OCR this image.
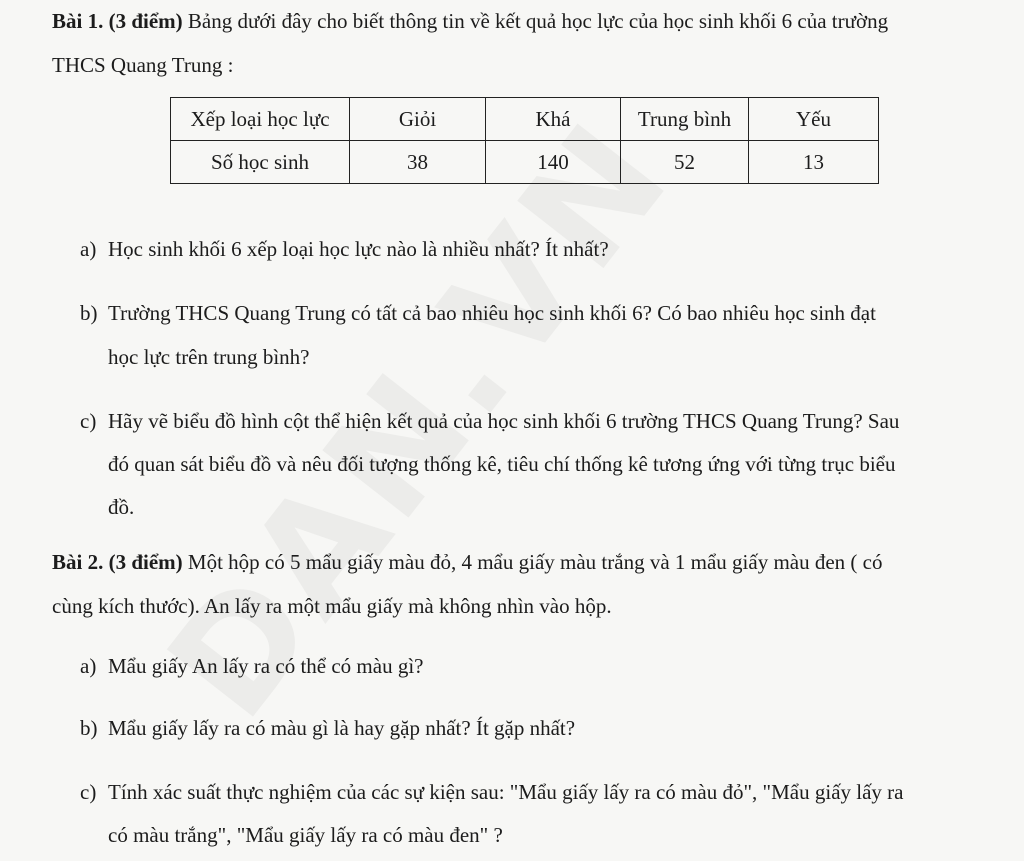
Bài 1. (3 điểm) Bảng dưới đây cho biết thông tin về kết quả học lực của học sinh khối 6 của trường
THCS Quang Trung :
Xếp loại học lực	Giỏi	Khá	Trung bình	Yếu
Số học sinh	38	140	52	13
a) Học sinh khối 6 xếp loại học lực nào là nhiều nhất? Ít nhất?
b) Trường THCS Quang Trung có tất cả bao nhiêu học sinh khối 6? Có bao nhiêu học sinh đạt
học lực trên trung bình?
c) Hãy vẽ biểu đồ hình cột thể hiện kết quả của học sinh khối 6 trường THCS Quang Trung? Sau
đó quan sát biểu đồ và nêu đối tượng thống kê, tiêu chí thống kê tương ứng với từng trục biểu
đồ.
Bài 2. (3 điểm) Một hộp có 5 mẩu giấy màu đỏ, 4 mẩu giấy màu trắng và 1 mẩu giấy màu đen ( có
cùng kích thước). An lấy ra một mẩu giấy mà không nhìn vào hộp.
a) Mẩu giấy An lấy ra có thể có màu gì?
b) Mẩu giấy lấy ra có màu gì là hay gặp nhất? Ít gặp nhất?
c) Tính xác suất thực nghiệm của các sự kiện sau: "Mẩu giấy lấy ra có màu đỏ", "Mẩu giấy lấy ra
có màu trắng", "Mẩu giấy lấy ra có màu đen" ?
